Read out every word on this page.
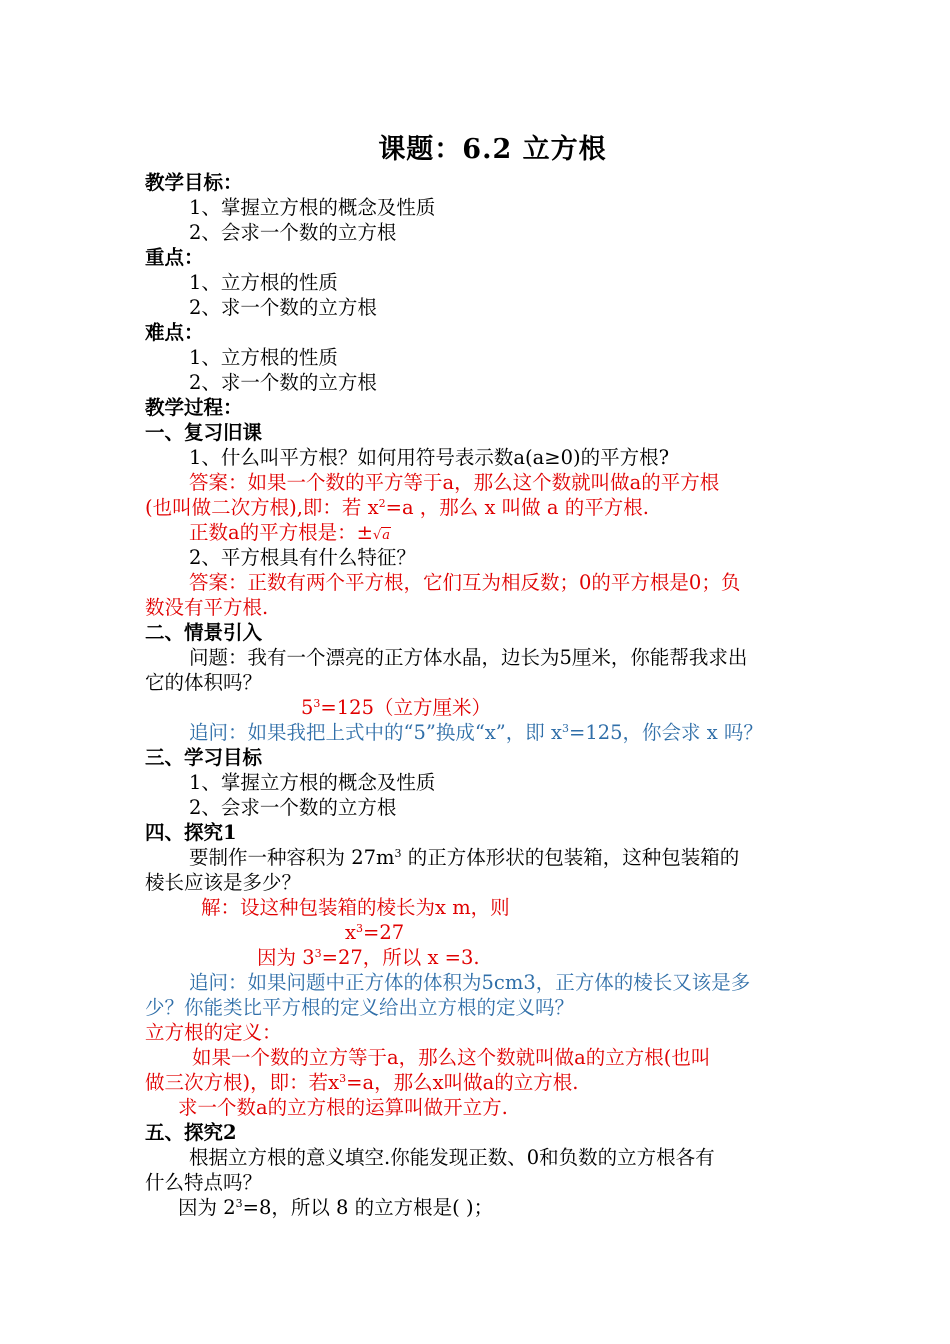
课题：6.2 立方根
教学目标：
1、掌握立方根的概念及性质
2、会求一个数的立方根
重点：
1、立方根的性质
2、求一个数的立方根
难点：
1、立方根的性质
2、求一个数的立方根
教学过程：
一、复习旧课
1、什么叫平方根？如何用符号表示数a(a≥0)的平方根?
答案：如果一个数的平方等于a，那么这个数就叫做a的平方根
(也叫做二次方根),即：若 $x^2=a$ ，那么 x 叫做 a 的平方根.
正数a的平方根是：±√a
2、平方根具有什么特征？
答案：正数有两个平方根，它们互为相反数；0的平方根是0；负
数没有平方根.
二、情景引入
问题：我有一个漂亮的正方体水晶，边长为5厘米，你能帮我求出
它的体积吗？
$5^3=125$（立方厘米）
追问：如果我把上式中的“5”换成“x”，即 $x^3=125$，你会求 x 吗？
三、学习目标
1、掌握立方根的概念及性质
2、会求一个数的立方根
四、探究1
要制作一种容积为 $27m^3$ 的正方体形状的包装箱，这种包装箱的
棱长应该是多少？
解：设这种包装箱的棱长为x m，则
$x^3=27$
因为 $3^3=27$，所以 x =3.
追问：如果问题中正方体的体积为5cm3，正方体的棱长又该是多
少？你能类比平方根的定义给出立方根的定义吗？
立方根的定义：
如果一个数的立方等于a，那么这个数就叫做a的立方根(也叫
做三次方根)，即：若$x^3=a$，那么x叫做a的立方根.
求一个数a的立方根的运算叫做开立方.
五、探究2
根据立方根的意义填空.你能发现正数、0和负数的立方根各有
什么特点吗？
因为 $2^3=8$，所以 8 的立方根是( )；
